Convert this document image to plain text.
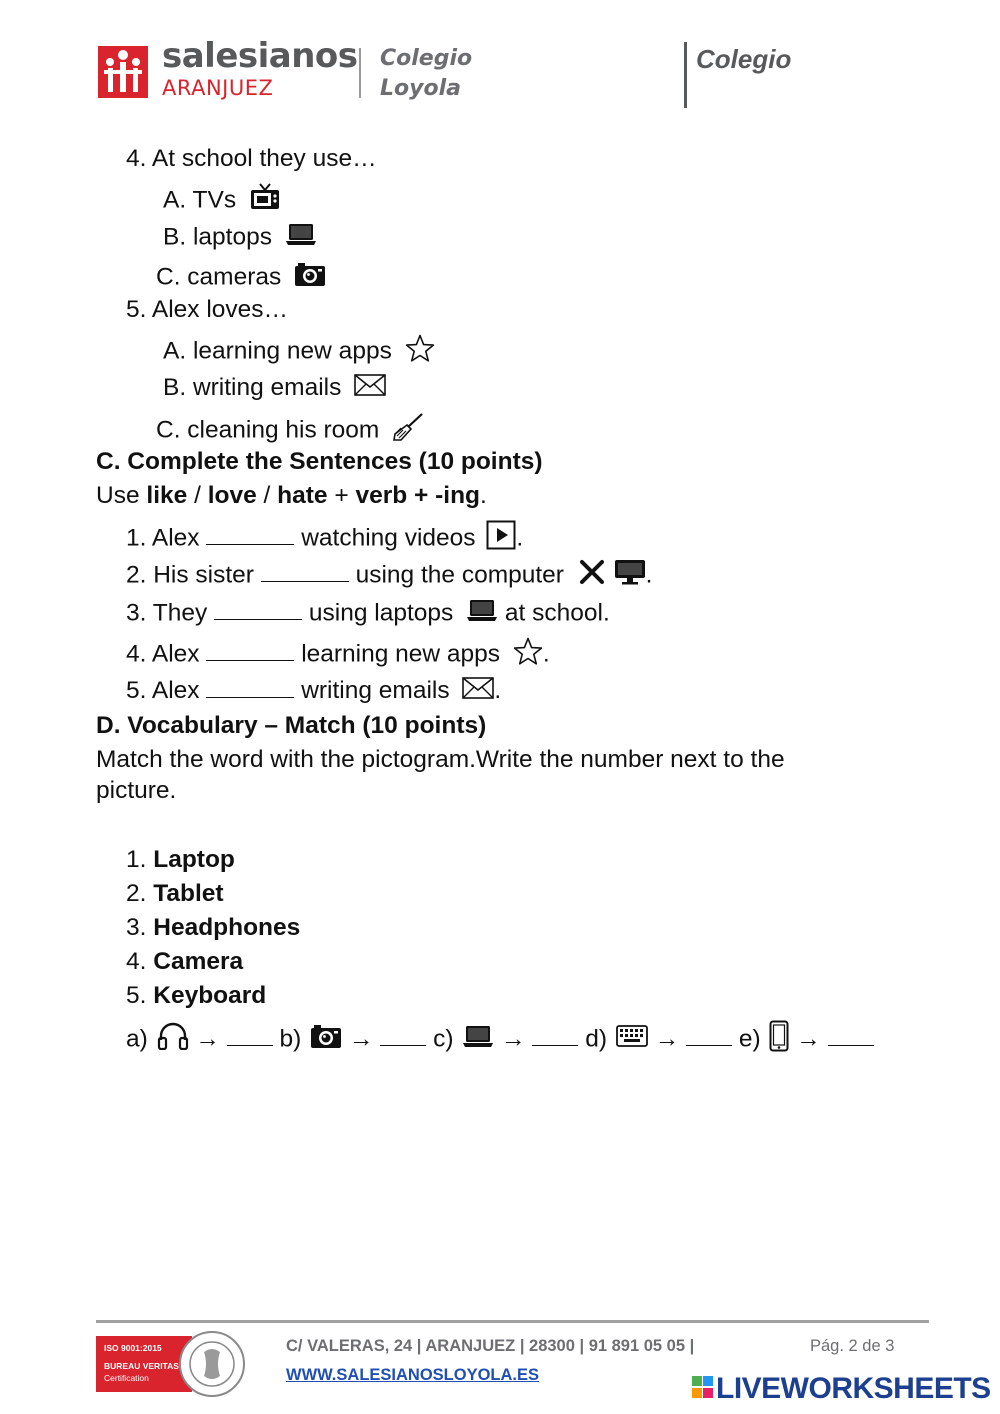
salesianos
ARANJUEZ
Colegio
Loyola
Colegio
4. At school they use…
A. TVs
B. laptops
C. cameras
5. Alex loves…
A. learning new apps
B. writing emails
C. cleaning his room
C. Complete the Sentences (10 points)
Use like / love / hate + verb + -ing.
1. Alex	watching videos .
2. His sister	using the computer	.
3. They	using laptops at school.
4. Alex	learning new apps .
5. Alex	writing emails .
D. Vocabulary – Match (10 points)
Match the word with the pictogram.Write the number next to the
picture.
1. Laptop
2. Tablet
3. Headphones
4. Camera
5. Keyboard
a) → b) → c) → d) → e) →
ISO 9001:2015
BUREAU VERITAS
Certification
C/ VALERAS, 24 | ARANJUEZ | 28300 | 91 891 05 05 |
WWW.SALESIANOSLOYOLA.ES
Pág. 2 de 3
LIVEWORKSHEETS
